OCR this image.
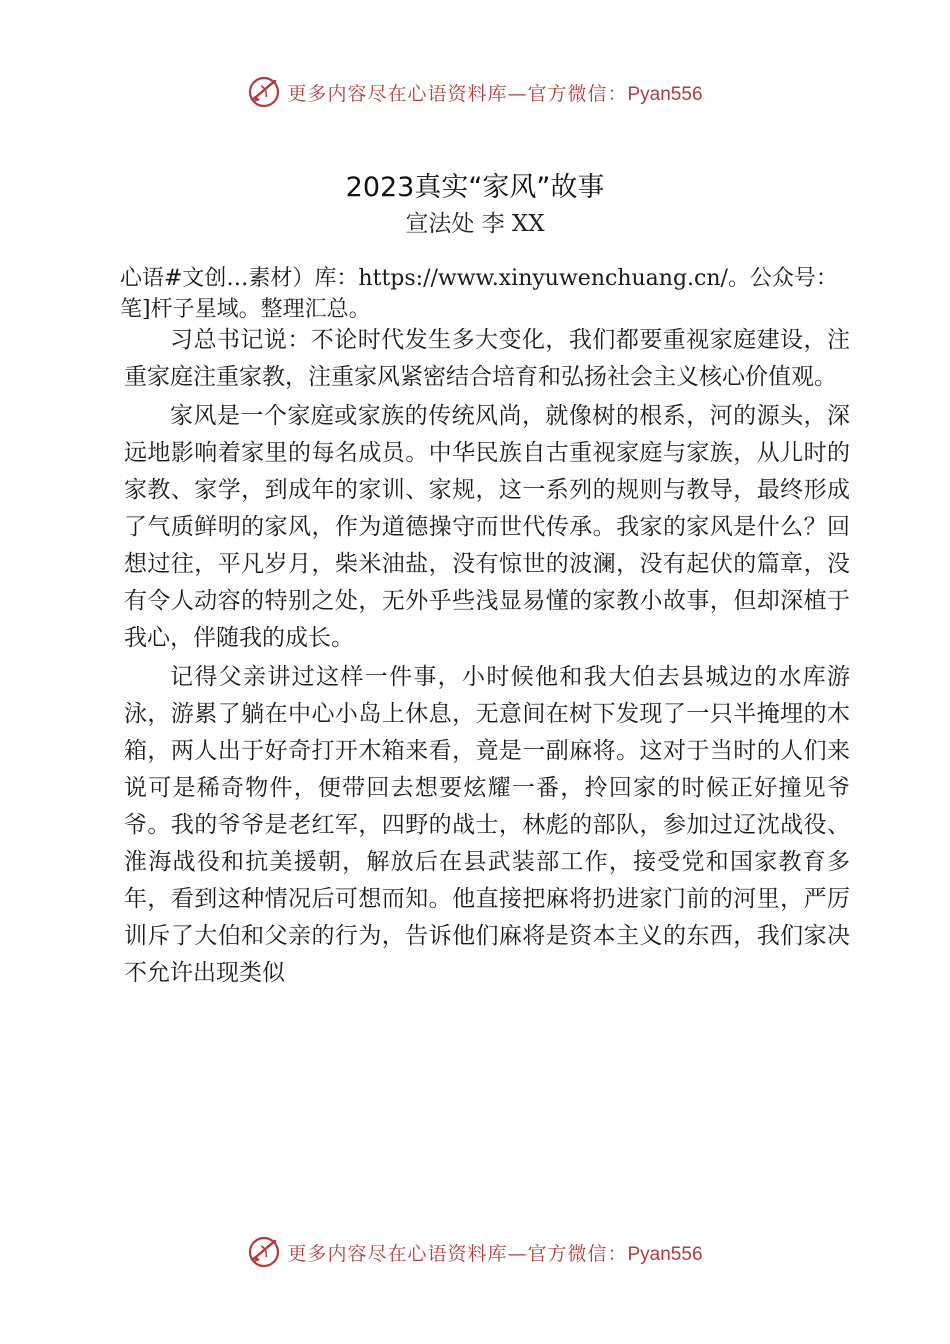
更多内容尽在心语资料库—官方微信：Pyan556
2023真实“家风”故事
宣法处 李 XX
心语#文创…素材）库：https://www.xinyuwenchuang.cn/。公众号：笔]杆子星域。整理汇总。

习总书记说：不论时代发生多大变化，我们都要重视家庭建设，注重家庭注重家教，注重家风紧密结合培育和弘扬社会主义核心价值观。

家风是一个家庭或家族的传统风尚，就像树的根系，河的源头，深远地影响着家里的每名成员。中华民族自古重视家庭与家族，从儿时的家教、家学，到成年的家训、家规，这一系列的规则与教导，最终形成了气质鲜明的家风，作为道德操守而世代传承。我家的家风是什么？回想过往，平凡岁月，柴米油盐，没有惊世的波澜，没有起伏的篇章，没有令人动容的特别之处，无外乎些浅显易懂的家教小故事，但却深植于我心，伴随我的成长。

记得父亲讲过这样一件事，小时候他和我大伯去县城边的水库游泳，游累了躺在中心小岛上休息，无意间在树下发现了一只半掩埋的木箱，两人出于好奇打开木箱来看，竟是一副麻将。这对于当时的人们来说可是稀奇物件，便带回去想要炫耀一番，拎回家的时候正好撞见爷爷。我的爷爷是老红军，四野的战士，林彪的部队，参加过辽沈战役、淮海战役和抗美援朝，解放后在县武装部工作，接受党和国家教育多年，看到这种情况后可想而知。他直接把麻将扔进家门前的河里，严厉训斥了大伯和父亲的行为，告诉他们麻将是资本主义的东西，我们家决不允许出现类似

更多内容尽在心语资料库—官方微信：Pyan556
